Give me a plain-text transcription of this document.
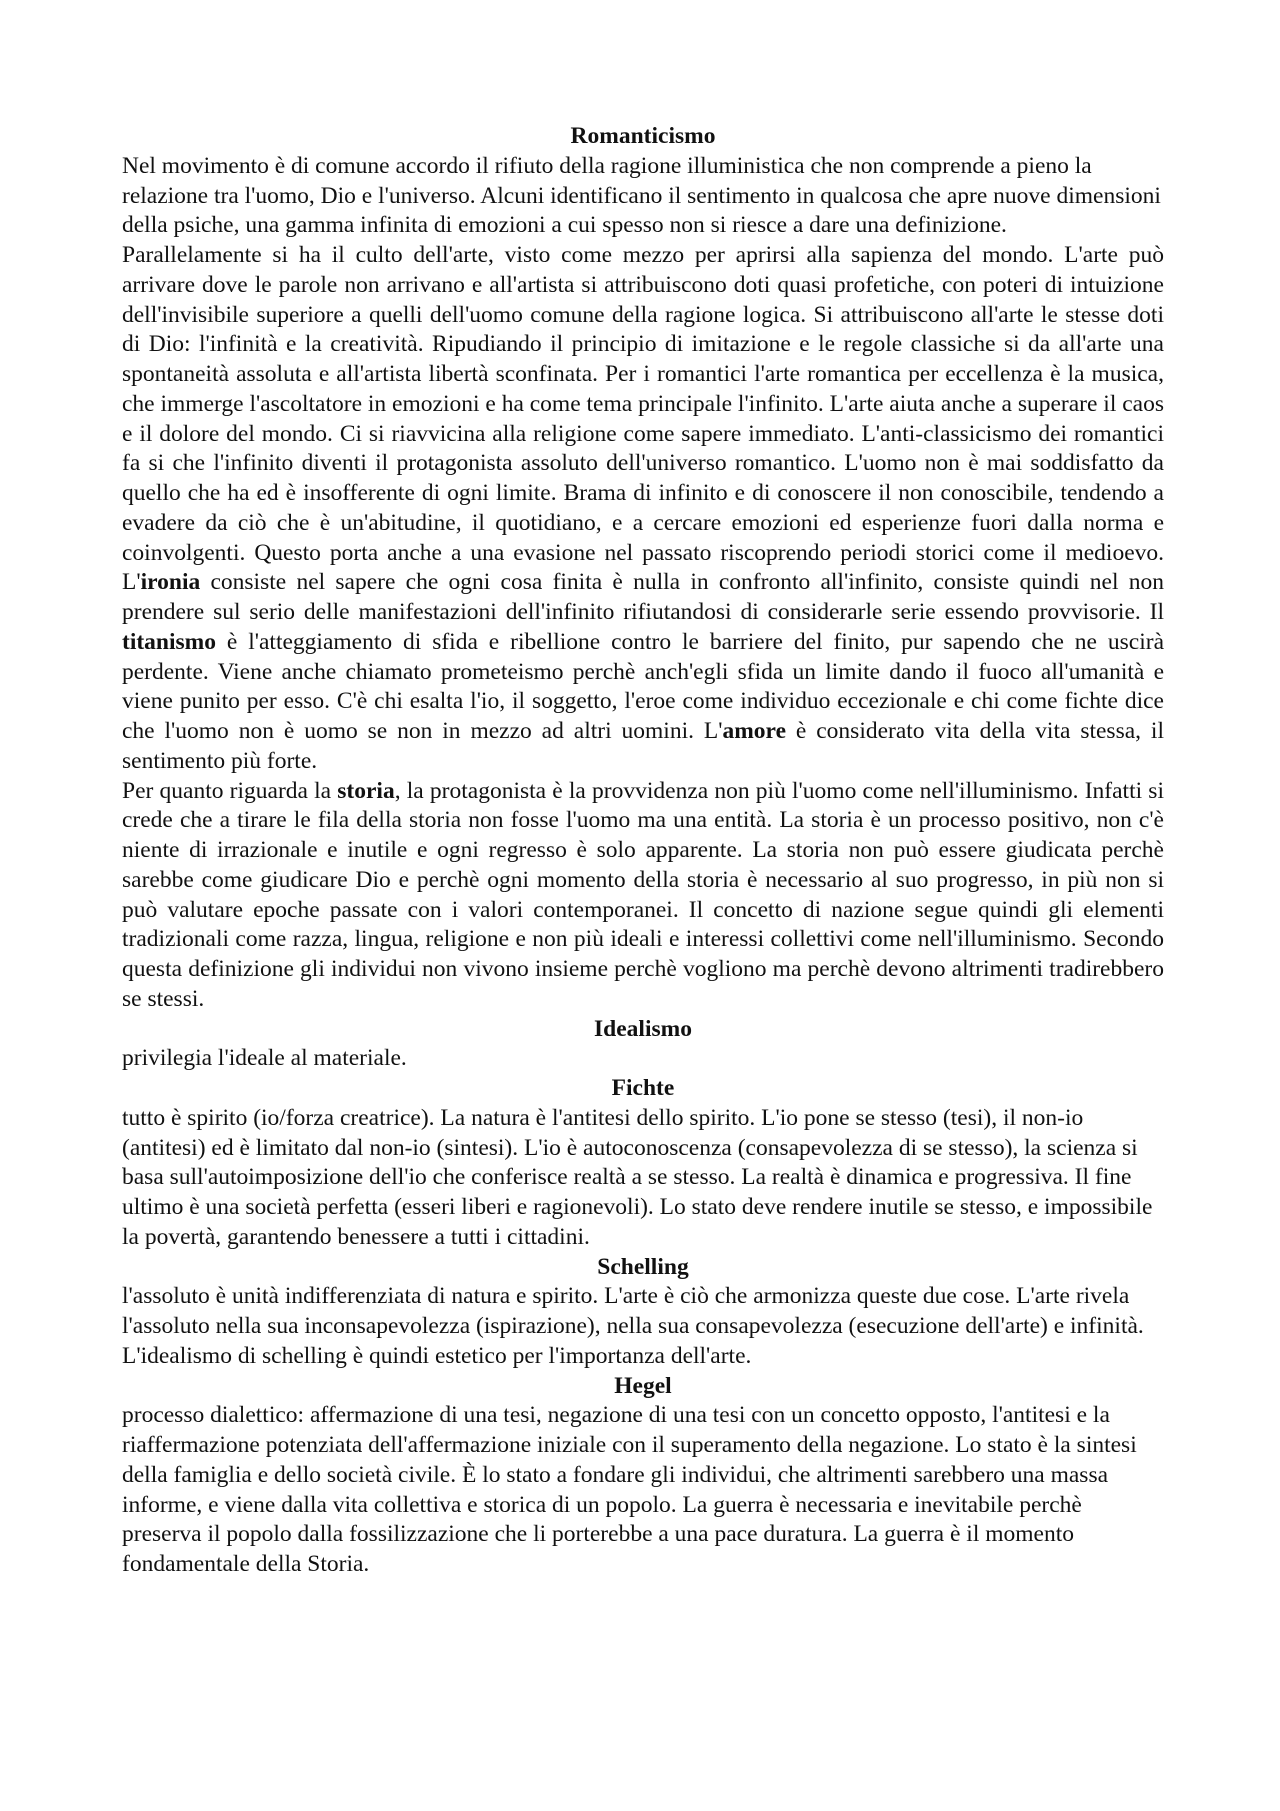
Romanticismo

Nel movimento è di comune accordo il rifiuto della ragione illuministica che non comprende a pieno la relazione tra l'uomo, Dio e l'universo. Alcuni identificano il sentimento in qualcosa che apre nuove dimensioni della psiche, una gamma infinita di emozioni a cui spesso non si riesce a dare una definizione.

Parallelamente si ha il culto dell'arte, visto come mezzo per aprirsi alla sapienza del mondo. L'arte può arrivare dove le parole non arrivano e all'artista si attribuiscono doti quasi profetiche, con poteri di intuizione dell'invisibile superiore a quelli dell'uomo comune della ragione logica. Si attribuiscono all'arte le stesse doti di Dio: l'infinità e la creatività. Ripudiando il principio di imitazione e le regole classiche si da all'arte una spontaneità assoluta e all'artista libertà sconfinata. Per i romantici l'arte romantica per eccellenza è la musica, che immerge l'ascoltatore in emozioni e ha come tema principale l'infinito. L'arte aiuta anche a superare il caos e il dolore del mondo. Ci si riavvicina alla religione come sapere immediato. L'anti-classicismo dei romantici fa si che l'infinito diventi il protagonista assoluto dell'universo romantico. L'uomo non è mai soddisfatto da quello che ha ed è insofferente di ogni limite. Brama di infinito e di conoscere il non conoscibile, tendendo a evadere da ciò che è un'abitudine, il quotidiano, e a cercare emozioni ed esperienze fuori dalla norma e coinvolgenti. Questo porta anche a una evasione nel passato riscoprendo periodi storici come il medioevo. L'ironia consiste nel sapere che ogni cosa finita è nulla in confronto all'infinito, consiste quindi nel non prendere sul serio delle manifestazioni dell'infinito rifiutandosi di considerarle serie essendo provvisorie. Il titanismo è l'atteggiamento di sfida e ribellione contro le barriere del finito, pur sapendo che ne uscirà perdente. Viene anche chiamato prometeismo perchè anch'egli sfida un limite dando il fuoco all'umanità e viene punito per esso. C'è chi esalta l'io, il soggetto, l'eroe come individuo eccezionale e chi come fichte dice che l'uomo non è uomo se non in mezzo ad altri uomini. L'amore è considerato vita della vita stessa, il sentimento più forte.

Per quanto riguarda la storia, la protagonista è la provvidenza non più l'uomo come nell'illuminismo. Infatti si crede che a tirare le fila della storia non fosse l'uomo ma una entità. La storia è un processo positivo, non c'è niente di irrazionale e inutile e ogni regresso è solo apparente. La storia non può essere giudicata perchè sarebbe come giudicare Dio e perchè ogni momento della storia è necessario al suo progresso, in più non si può valutare epoche passate con i valori contemporanei. Il concetto di nazione segue quindi gli elementi tradizionali come razza, lingua, religione e non più ideali e interessi collettivi come nell'illuminismo. Secondo questa definizione gli individui non vivono insieme perchè vogliono ma perchè devono altrimenti tradirebbero se stessi.

Idealismo

privilegia l'ideale al materiale.

Fichte

tutto è spirito (io/forza creatrice). La natura è l'antitesi dello spirito. L'io pone se stesso (tesi), il non-io (antitesi) ed è limitato dal non-io (sintesi). L'io è autoconoscenza (consapevolezza di se stesso), la scienza si basa sull'autoimposizione dell'io che conferisce realtà a se stesso. La realtà è dinamica e progressiva. Il fine ultimo è una società perfetta (esseri liberi e ragionevoli). Lo stato deve rendere inutile se stesso, e impossibile la povertà, garantendo benessere a tutti i cittadini.

Schelling

l'assoluto è unità indifferenziata di natura e spirito. L'arte è ciò che armonizza queste due cose. L'arte rivela l'assoluto nella sua inconsapevolezza (ispirazione), nella sua consapevolezza (esecuzione dell'arte) e infinità. L'idealismo di schelling è quindi estetico per l'importanza dell'arte.

Hegel

processo dialettico: affermazione di una tesi, negazione di una tesi con un concetto opposto, l'antitesi e la riaffermazione potenziata dell'affermazione iniziale con il superamento della negazione. Lo stato è la sintesi della famiglia e dello società civile. È lo stato a fondare gli individui, che altrimenti sarebbero una massa informe, e viene dalla vita collettiva e storica di un popolo. La guerra è necessaria e inevitabile perchè preserva il popolo dalla fossilizzazione che li porterebbe a una pace duratura. La guerra è il momento fondamentale della Storia.
